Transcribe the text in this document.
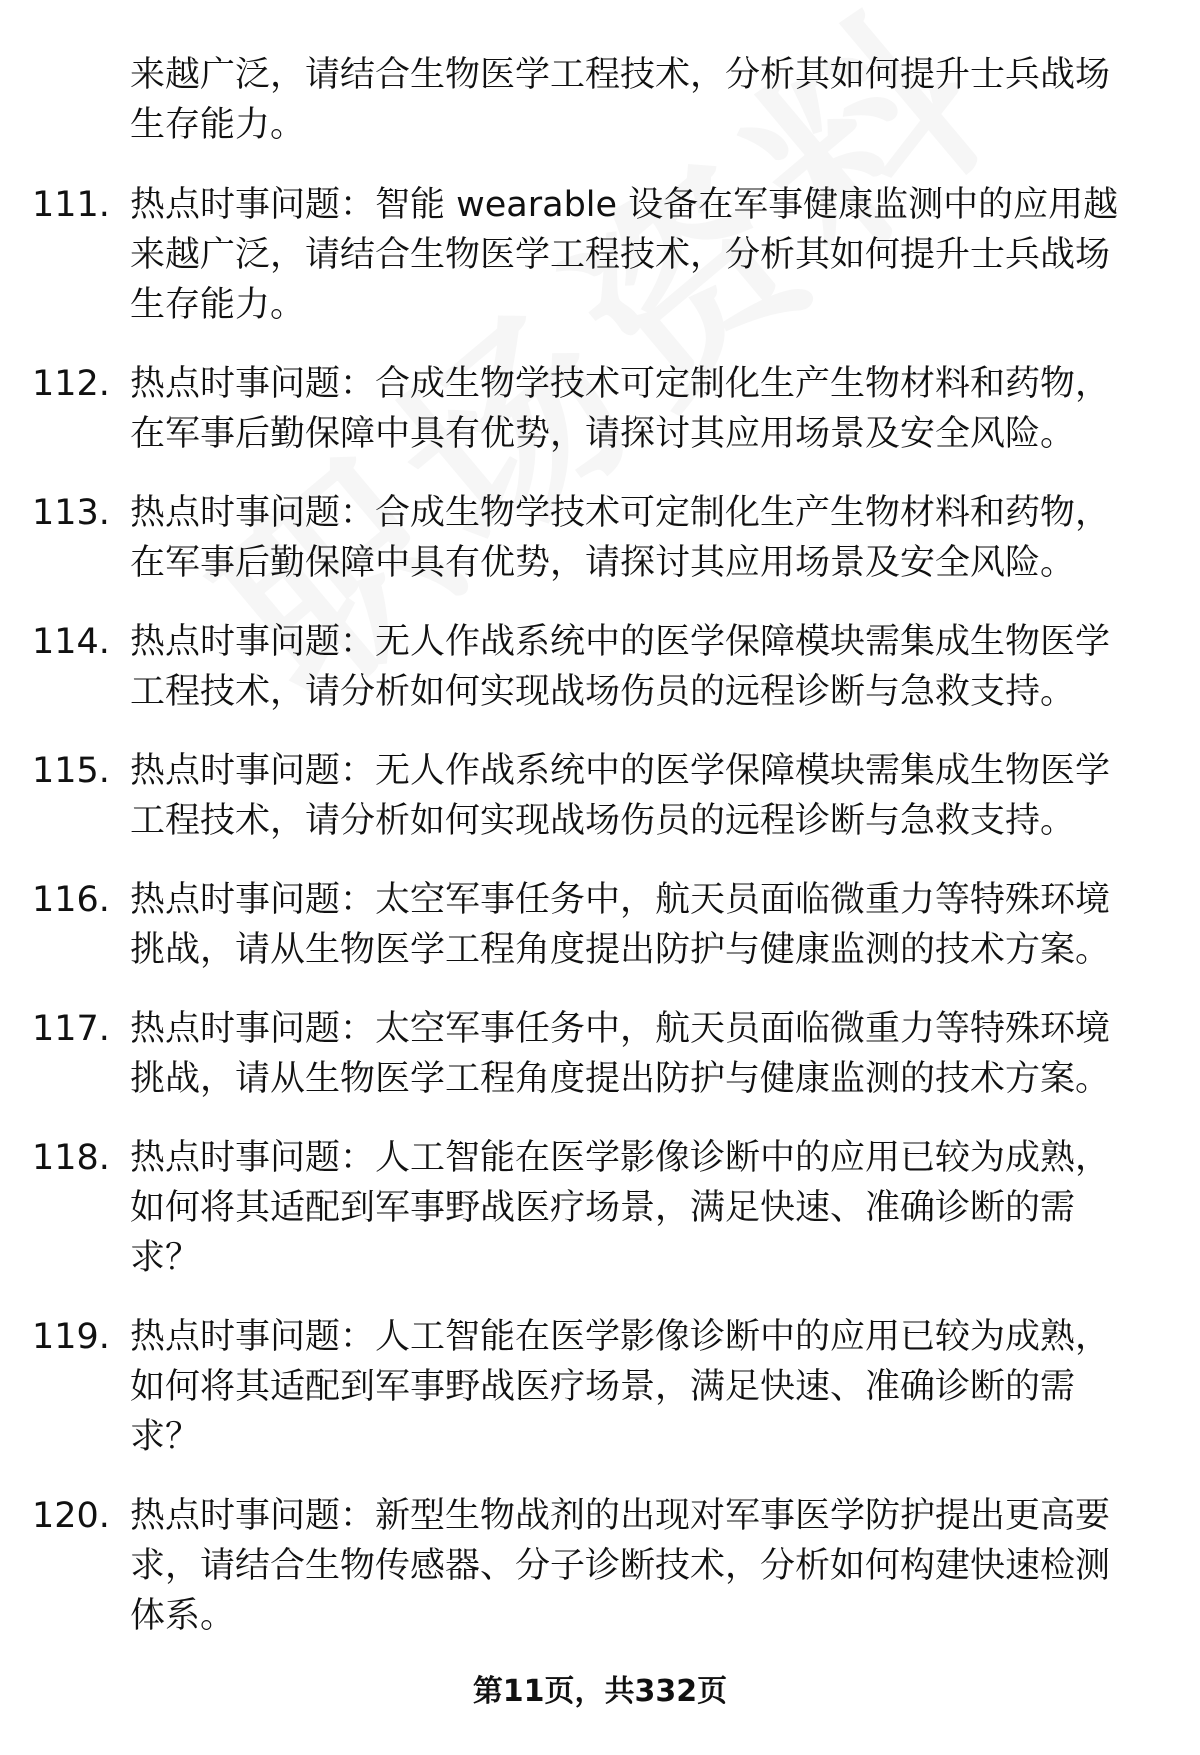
来越广泛，请结合生物医学工程技术，分析其如何提升士兵战场生存能力。
111. 热点时事问题：智能 wearable 设备在军事健康监测中的应用越来越广泛，请结合生物医学工程技术，分析其如何提升士兵战场生存能力。
112. 热点时事问题：合成生物学技术可定制化生产生物材料和药物，在军事后勤保障中具有优势，请探讨其应用场景及安全风险。
113. 热点时事问题：合成生物学技术可定制化生产生物材料和药物，在军事后勤保障中具有优势，请探讨其应用场景及安全风险。
114. 热点时事问题：无人作战系统中的医学保障模块需集成生物医学工程技术，请分析如何实现战场伤员的远程诊断与急救支持。
115. 热点时事问题：无人作战系统中的医学保障模块需集成生物医学工程技术，请分析如何实现战场伤员的远程诊断与急救支持。
116. 热点时事问题：太空军事任务中，航天员面临微重力等特殊环境挑战，请从生物医学工程角度提出防护与健康监测的技术方案。
117. 热点时事问题：太空军事任务中，航天员面临微重力等特殊环境挑战，请从生物医学工程角度提出防护与健康监测的技术方案。
118. 热点时事问题：人工智能在医学影像诊断中的应用已较为成熟，如何将其适配到军事野战医疗场景，满足快速、准确诊断的需求？
119. 热点时事问题：人工智能在医学影像诊断中的应用已较为成熟，如何将其适配到军事野战医疗场景，满足快速、准确诊断的需求？
120. 热点时事问题：新型生物战剂的出现对军事医学防护提出更高要求，请结合生物传感器、分子诊断技术，分析如何构建快速检测体系。
第11页，共332页
